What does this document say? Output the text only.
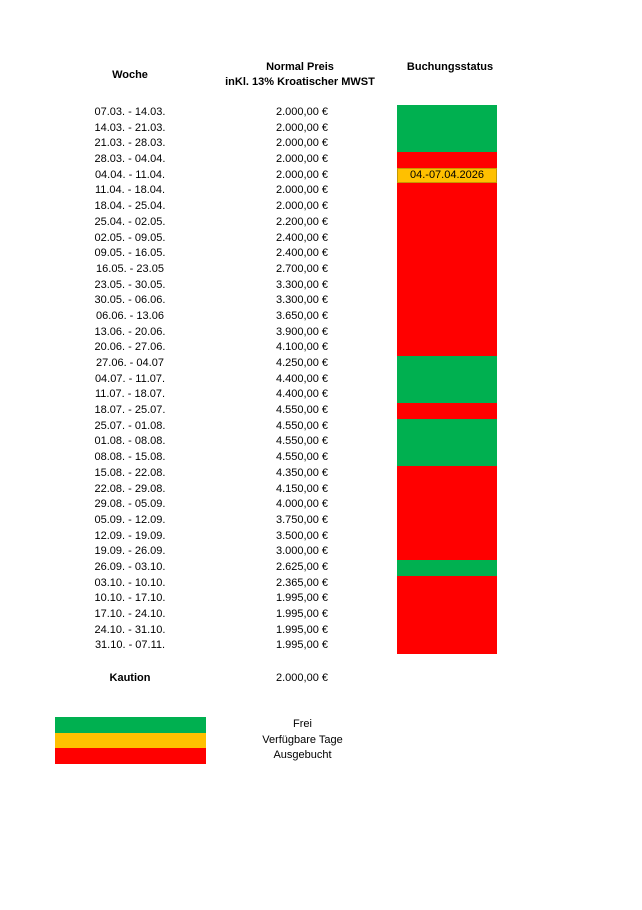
Woche
Normal Preis
inKl. 13% Kroatischer MWST
Buchungsstatus
07.03. - 14.03.	2.000,00 €
14.03. - 21.03.	2.000,00 €
21.03. - 28.03.	2.000,00 €
28.03. - 04.04.	2.000,00 €
04.04. - 11.04.	2.000,00 €	04.-07.04.2026
11.04. - 18.04.	2.000,00 €
18.04. - 25.04.	2.000,00 €
25.04. - 02.05.	2.200,00 €
02.05. - 09.05.	2.400,00 €
09.05. - 16.05.	2.400,00 €
16.05. - 23.05	2.700,00 €
23.05. - 30.05.	3.300,00 €
30.05. - 06.06.	3.300,00 €
06.06. - 13.06	3.650,00 €
13.06. - 20.06.	3.900,00 €
20.06. - 27.06.	4.100,00 €
27.06. - 04.07	4.250,00 €
04.07. - 11.07.	4.400,00 €
11.07. - 18.07.	4.400,00 €
18.07. - 25.07.	4.550,00 €
25.07. - 01.08.	4.550,00 €
01.08. - 08.08.	4.550,00 €
08.08. - 15.08.	4.550,00 €
15.08. - 22.08.	4.350,00 €
22.08. - 29.08.	4.150,00 €
29.08. - 05.09.	4.000,00 €
05.09. - 12.09.	3.750,00 €
12.09. - 19.09.	3.500,00 €
19.09. - 26.09.	3.000,00 €
26.09. - 03.10.	2.625,00 €
03.10. - 10.10.	2.365,00 €
10.10. - 17.10.	1.995,00 €
17.10. - 24.10.	1.995,00 €
24.10. - 31.10.	1.995,00 €
31.10. - 07.11.	1.995,00 €
Kaution	2.000,00 €
Frei
Verfügbare Tage
Ausgebucht
